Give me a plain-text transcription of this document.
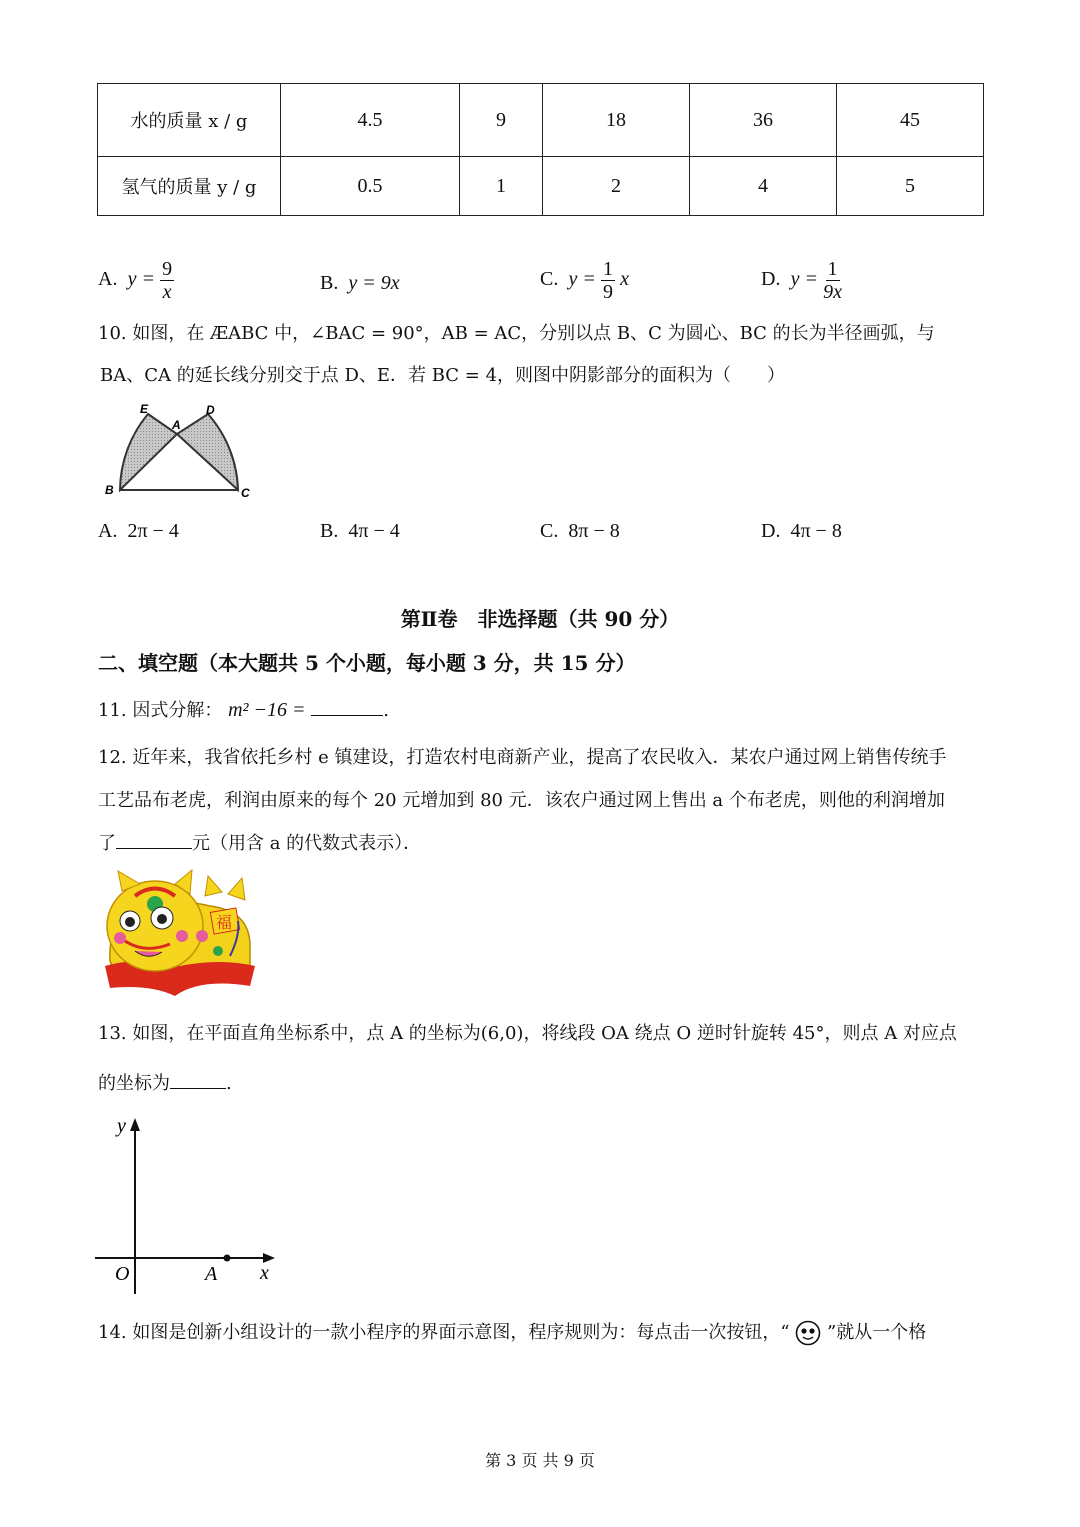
水的质量 x / g	4.5	9	18	36	45
氢气的质量 y / g	0.5	1	2	4	5
A. $y = \frac{9}{x}$	B. y = 9x	C. $y = \frac{1}{9}$ x	D. $y = \frac{1}{9x}$
10. 如图，在 ÆABC 中，∠BAC = 90°，AB = AC，分别以点 B、C 为圆心、BC 的长为半径画弧，与
BA、CA 的延长线分别交于点 D、E．若 BC = 4，则图中阴影部分的面积为（　　）
E
A
D
B	C
A. 2π − 4	B. 4π − 4	C. 8π − 8	D. 4π − 8
第Ⅱ卷　非选择题（共 90 分）
二、填空题（本大题共 5 个小题，每小题 3 分，共 15 分）
11. 因式分解： m² −16 =	.
12. 近年来，我省依托乡村 e 镇建设，打造农村电商新产业，提高了农民收入．某农户通过网上销售传统手
工艺品布老虎，利润由原来的每个 20 元增加到 80 元．该农户通过网上售出 a 个布老虎，则他的利润增加
了	元（用含 a 的代数式表示）．
福
13. 如图，在平面直角坐标系中，点 A 的坐标为(6,0)，将线段 OA 绕点 O 逆时针旋转 45°，则点 A 对应点
的坐标为	.
y
x
O	A
14. 如图是创新小组设计的一款小程序的界面示意图，程序规则为：每点击一次按钮，“ ”就从一个格
第 3 页 共 9 页
